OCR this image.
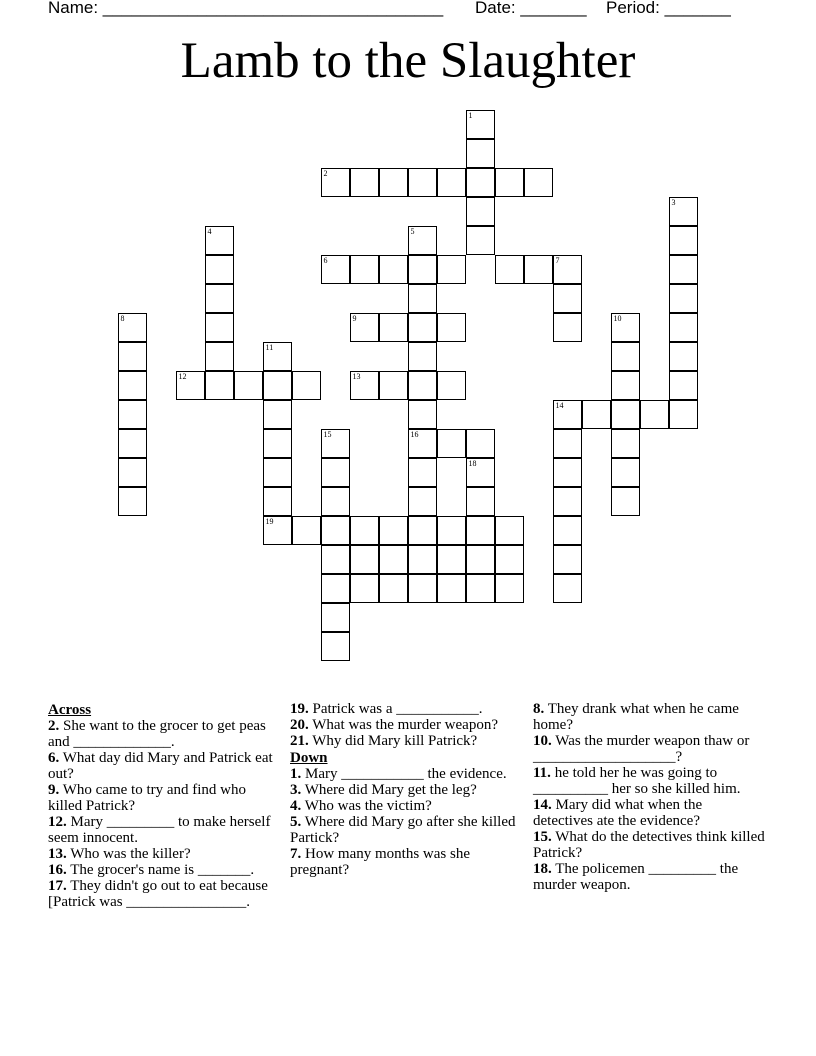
Name: ____________________________________ Date: _______ Period: _______
Lamb to the Slaughter
1
2
3
4	5
16
6	7
8	9	10
11
12	13
14
15
18
19
Across
2. She want to the grocer to get peas and _____________.
6. What day did Mary and Patrick eat out?
9. Who came to try and find who killed Patrick?
12. Mary _________ to make herself seem innocent.
13. Who was the killer?
16. The grocer's name is _______.
17. They didn't go out to eat because [Patrick was ________________.
19. Patrick was a ___________.
20. What was the murder weapon?
21. Why did Mary kill Patrick?
Down
1. Mary ___________ the evidence.
3. Where did Mary get the leg?
4. Who was the victim?
5. Where did Mary go after she killed Partick?
7. How many months was she pregnant?
8. They drank what when he came home?
10. Was the murder weapon thaw or ___________________?
11. he told her he was going to __________ her so she killed him.
14. Mary did what when the detectives ate the evidence?
15. What do the detectives think killed Patrick?
18. The policemen _________ the murder weapon.
